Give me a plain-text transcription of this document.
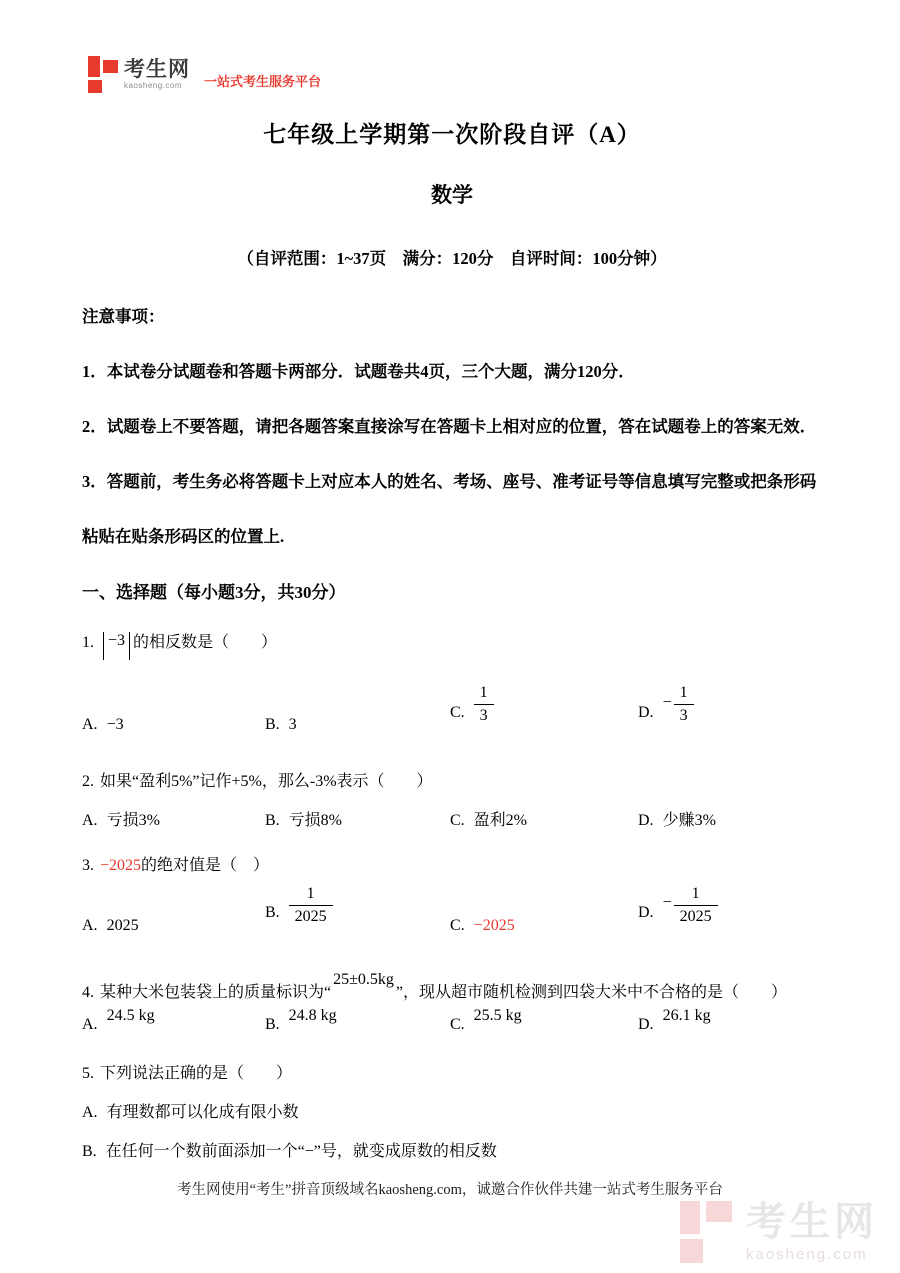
考生网
kaosheng.com	一站式考生服务平台
七年级上学期第一次阶段自评（A）
数学
（自评范围：1~37页　满分：120分　自评时间：100分钟）

注意事项：

1．本试卷分试题卷和答题卡两部分．试题卷共4页，三个大题，满分120分．

2．试题卷上不要答题，请把各题答案直接涂写在答题卡上相对应的位置，答在试题卷上的答案无效．

3．答题前，考生务必将答题卡上对应本人的姓名、考场、座号、准考证号等信息填写完整或把条形码粘贴在贴条形码区的位置上.

一、选择题（每小题3分，共30分）
1. −3 的相反数是（　　）
A. −3	B. 3
C. $\frac{1}{3}$	$D.- \frac{1}{3}$
2. 如果“盈利5%”记作+5%，那么-3%表示（　　）
A. 亏损3%	B. 亏损8%	C. 盈利2%	D. 少赚3%
3. −2025的绝对值是（　）
A. 2025
B. $\frac{1}{2025}$	C. −2025
$D.- \frac{1}{2025}$
4. 某种大米包装袋上的质量标识为“25±0.5kg”，现从超市随机检测到四袋大米中不合格的是（　　）
A.24.5 kg
B.24.8 kg
C.25.5 kg
D.26.1 kg
5. 下列说法正确的是（　　）
A. 有理数都可以化成有限小数
B. 在任何一个数前面添加一个“−”号，就变成原数的相反数
考生网使用“考生”拼音顶级域名kaosheng.com，诚邀合作伙伴共建一站式考生服务平台
考生网
kaosheng.com
